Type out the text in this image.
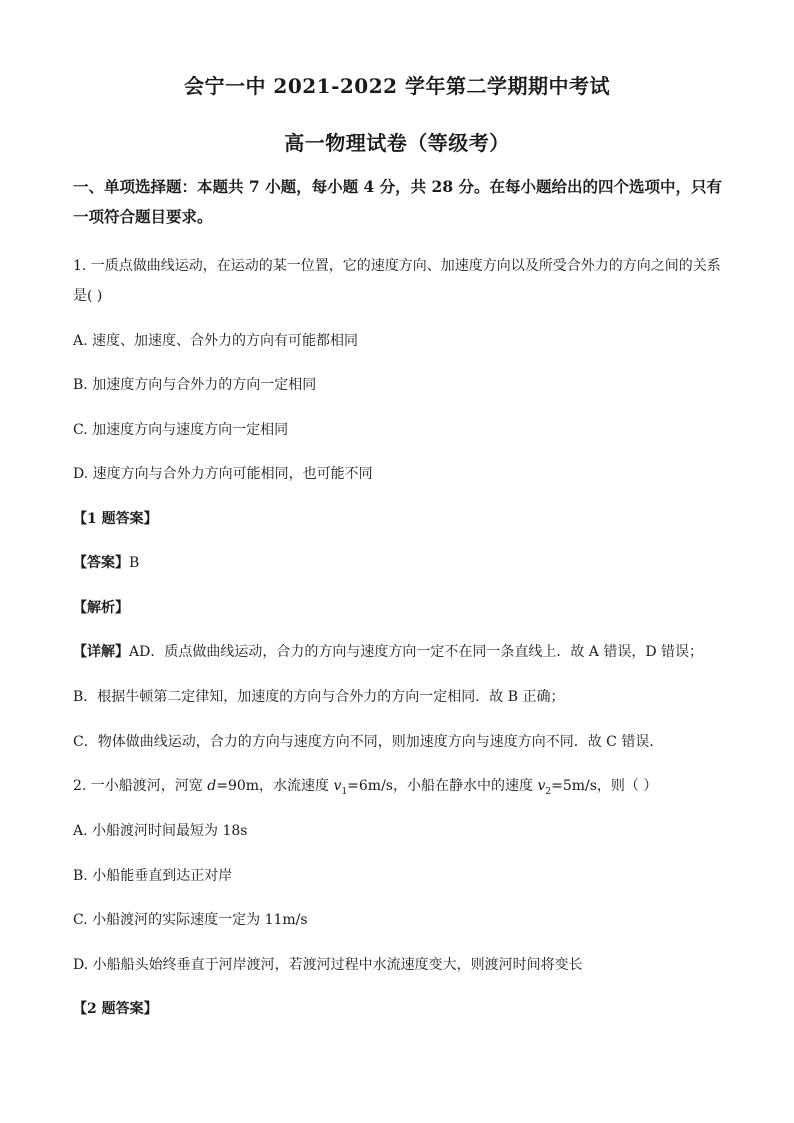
会宁一中 2021-2022 学年第二学期期中考试
高一物理试卷（等级考）
一、单项选择题：本题共 7 小题，每小题 4 分，共 28 分。在每小题给出的四个选项中，只有
一项符合题目要求。
1. 一质点做曲线运动，在运动的某一位置，它的速度方向、加速度方向以及所受合外力的方向之间的关系
是( )
A. 速度、加速度、合外力的方向有可能都相同
B. 加速度方向与合外力的方向一定相同
C. 加速度方向与速度方向一定相同
D. 速度方向与合外力方向可能相同，也可能不同
【1 题答案】
【答案】B
【解析】
【详解】AD．质点做曲线运动，合力的方向与速度方向一定不在同一条直线上．故 A 错误，D 错误；
B．根据牛顿第二定律知，加速度的方向与合外力的方向一定相同．故 B 正确；
C．物体做曲线运动，合力的方向与速度方向不同，则加速度方向与速度方向不同．故 C 错误．
2. 一小船渡河，河宽 d=90m，水流速度 $v_1=6m/s$，小船在静水中的速度 $v_2=5m/s$，则（ ）
A. 小船渡河时间最短为 18s
B. 小船能垂直到达正对岸
C. 小船渡河的实际速度一定为 11m/s
D. 小船船头始终垂直于河岸渡河，若渡河过程中水流速度变大，则渡河时间将变长
【2 题答案】
